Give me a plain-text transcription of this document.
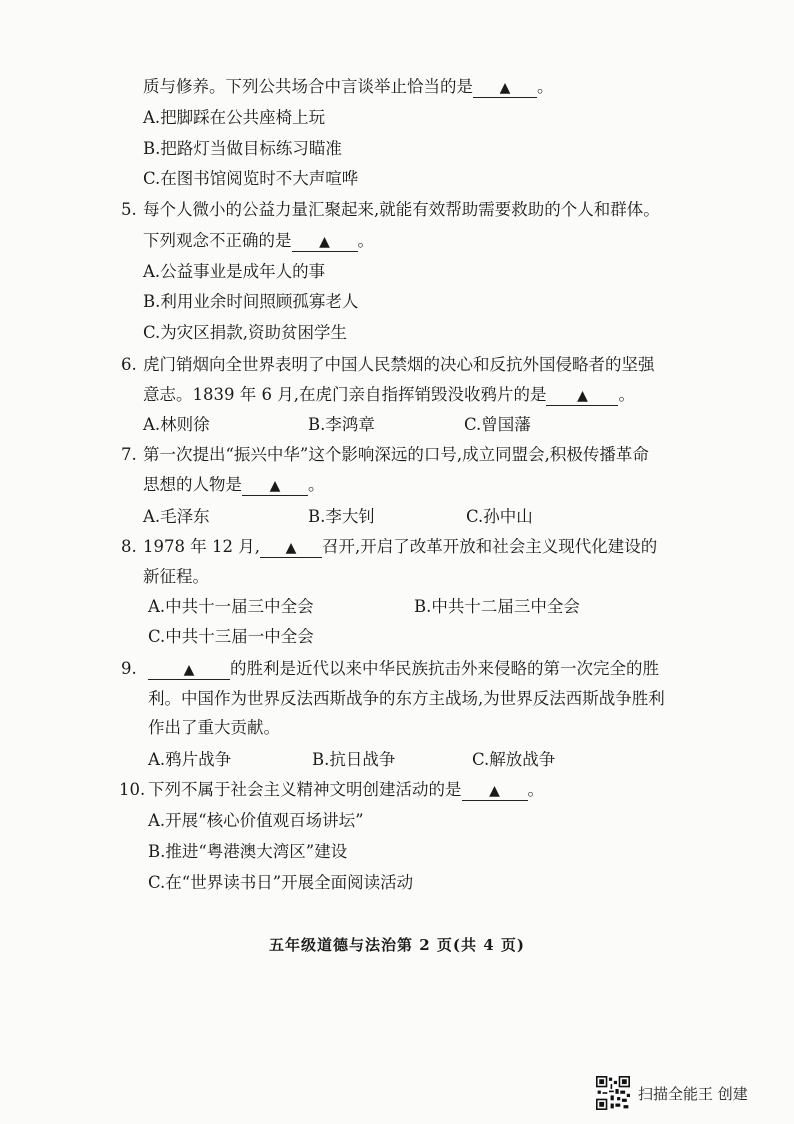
质与修养。下列公共场合中言谈举止恰当的是 ▲ 。
A.把脚踩在公共座椅上玩
B.把路灯当做目标练习瞄准
C.在图书馆阅览时不大声喧哗
5. 每个人微小的公益力量汇聚起来,就能有效帮助需要救助的个人和群体。
下列观念不正确的是 ▲ 。
A.公益事业是成年人的事
B.利用业余时间照顾孤寡老人
C.为灾区捐款,资助贫困学生
6. 虎门销烟向全世界表明了中国人民禁烟的决心和反抗外国侵略者的坚强
意志。1839 年 6 月,在虎门亲自指挥销毁没收鸦片的是 ▲ 。
A.林则徐	B.李鸿章	C.曾国藩
7. 第一次提出“振兴中华”这个影响深远的口号,成立同盟会,积极传播革命
思想的人物是 ▲ 。
A.毛泽东	B.李大钊	C.孙中山
8. 1978 年 12 月, ▲ 召开,开启了改革开放和社会主义现代化建设的
新征程。
A.中共十一届三中全会	B.中共十二届三中全会
C.中共十三届一中全会
9.	▲ 的胜利是近代以来中华民族抗击外来侵略的第一次完全的胜
利。中国作为世界反法西斯战争的东方主战场,为世界反法西斯战争胜利
作出了重大贡献。
A.鸦片战争	B.抗日战争	C.解放战争
10. 下列不属于社会主义精神文明创建活动的是 ▲ 。
A.开展“核心价值观百场讲坛”
B.推进“粤港澳大湾区”建设
C.在“世界读书日”开展全面阅读活动
五年级道德与法治第 2 页(共 4 页)
扫描全能王 创建
